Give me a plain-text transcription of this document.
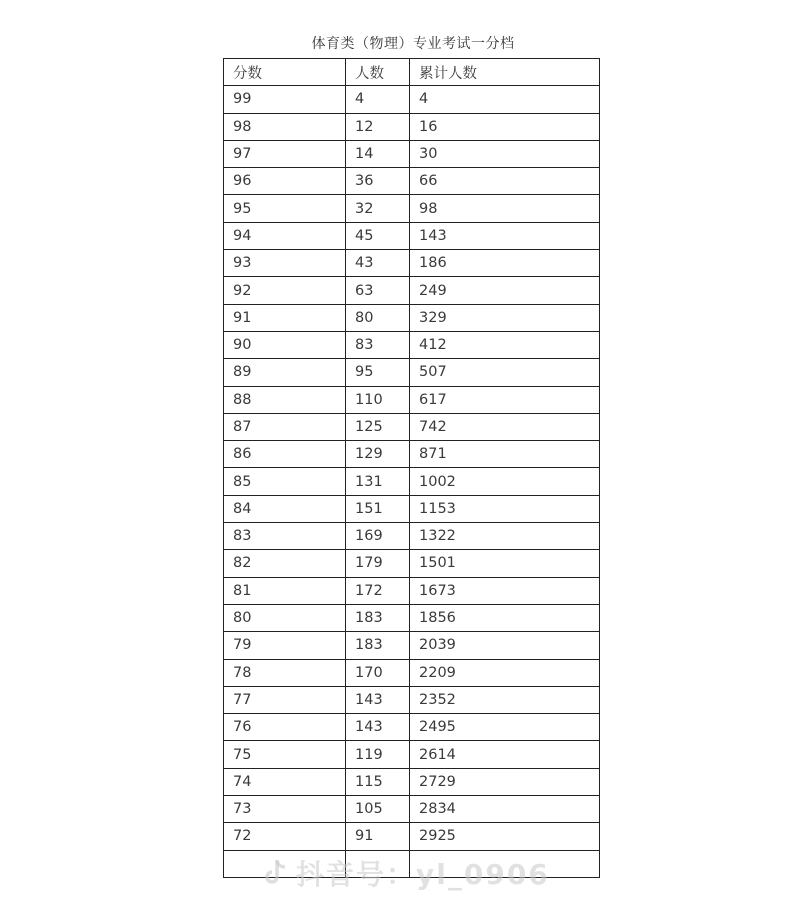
体育类（物理）专业考试一分档
分数	人数	累计人数
99	4	4
98	12	16
97	14	30
96	36	66
95	32	98
94	45	143
93	43	186
92	63	249
91	80	329
90	83	412
89	95	507
88	110	617
87	125	742
86	129	871
85	131	1002
84	151	1153
83	169	1322
82	179	1501
81	172	1673
80	183	1856
79	183	2039
78	170	2209
77	143	2352
76	143	2495
75	119	2614
74	115	2729
73	105	2834
72	91	2925

抖音号：yl_0906
